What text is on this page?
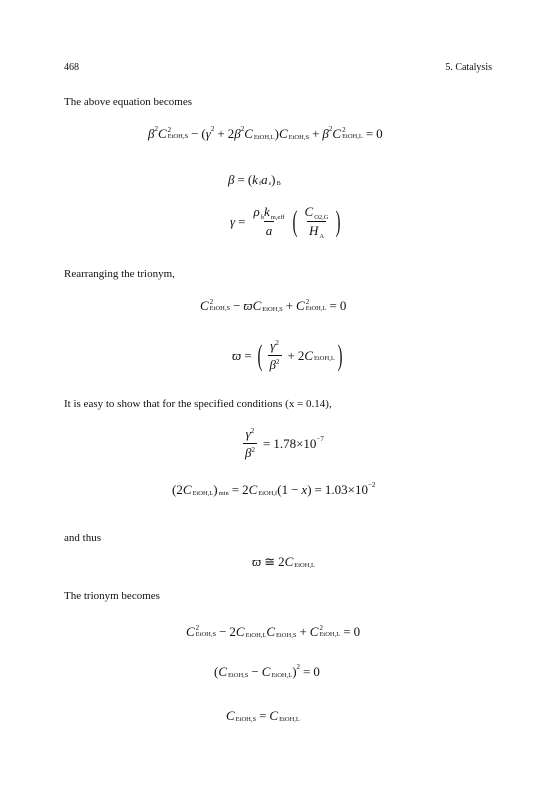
468	5. Catalysis
The above equation becomes
β 2 C 2
EtOH,S − ( γ 2 + 2 β 2 C EtOH,L ) C EtOH,S + β 2 C 2
EtOH,L = 0
β = ( k f a s ) B
$\gamma = \frac{\rho_bk_{m,eff}}{a}$ ( $\frac{C_{O2,G}}{H_A}$ )
Rearranging the trionym,
C 2
EtOH,S − ϖ C EtOH,S + C 2
EtOH,L = 0
ϖ = ( $\frac{\gamma^2}{\beta^2} + 2$ C EtOH,L )
It is easy to show that for the specified conditions (x = 0.14),
$\frac{\gamma^2}{\beta^2} = 1.78\times 10 -7$
(2 C EtOH,L ) min = 2 C EtOH,f (1 − x ) = 1.03×10 −2
and thus
ϖ ≅ 2 C EtOH,L
The trionym becomes
C 2
EtOH,S − 2 C EtOH,L C EtOH,S + C 2
EtOH,L = 0
( C EtOH,S − C EtOH,L ) 2 = 0
C EtOH,S = C EtOH,L
